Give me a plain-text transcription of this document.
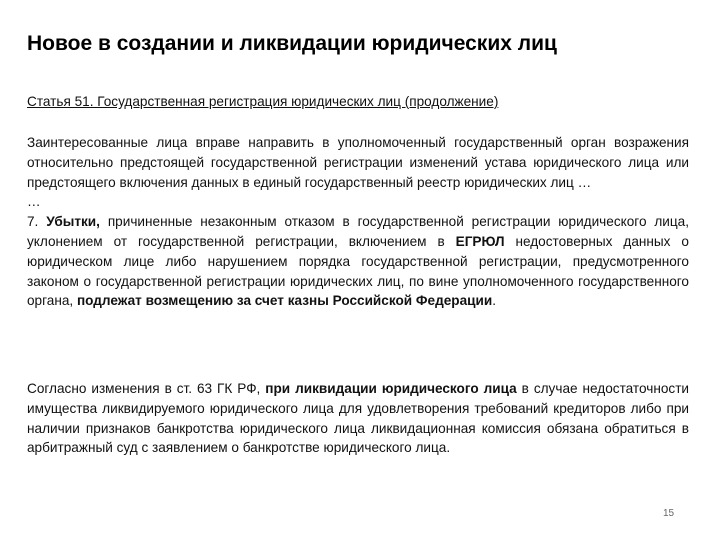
Новое в создании и ликвидации юридических лиц
Статья 51. Государственная регистрация юридических лиц (продолжение)

Заинтересованные лица вправе направить в уполномоченный государственный орган возражения относительно предстоящей государственной регистрации изменений устава юридического лица или предстоящего включения данных в единый государственный реестр юридических лиц …

…

7. Убытки, причиненные незаконным отказом в государственной регистрации юридического лица, уклонением от государственной регистрации, включением в ЕГРЮЛ недостоверных данных о юридическом лице либо нарушением порядка государственной регистрации, предусмотренного законом о государственной регистрации юридических лиц, по вине уполномоченного государственного органа, подлежат возмещению за счет казны Российской Федерации.

Согласно изменения в ст. 63 ГК РФ, при ликвидации юридического лица в случае недостаточности имущества ликвидируемого юридического лица для удовлетворения требований кредиторов либо при наличии признаков банкротства юридического лица ликвидационная комиссия обязана обратиться в арбитражный суд с заявлением о банкротстве юридического лица.

15
